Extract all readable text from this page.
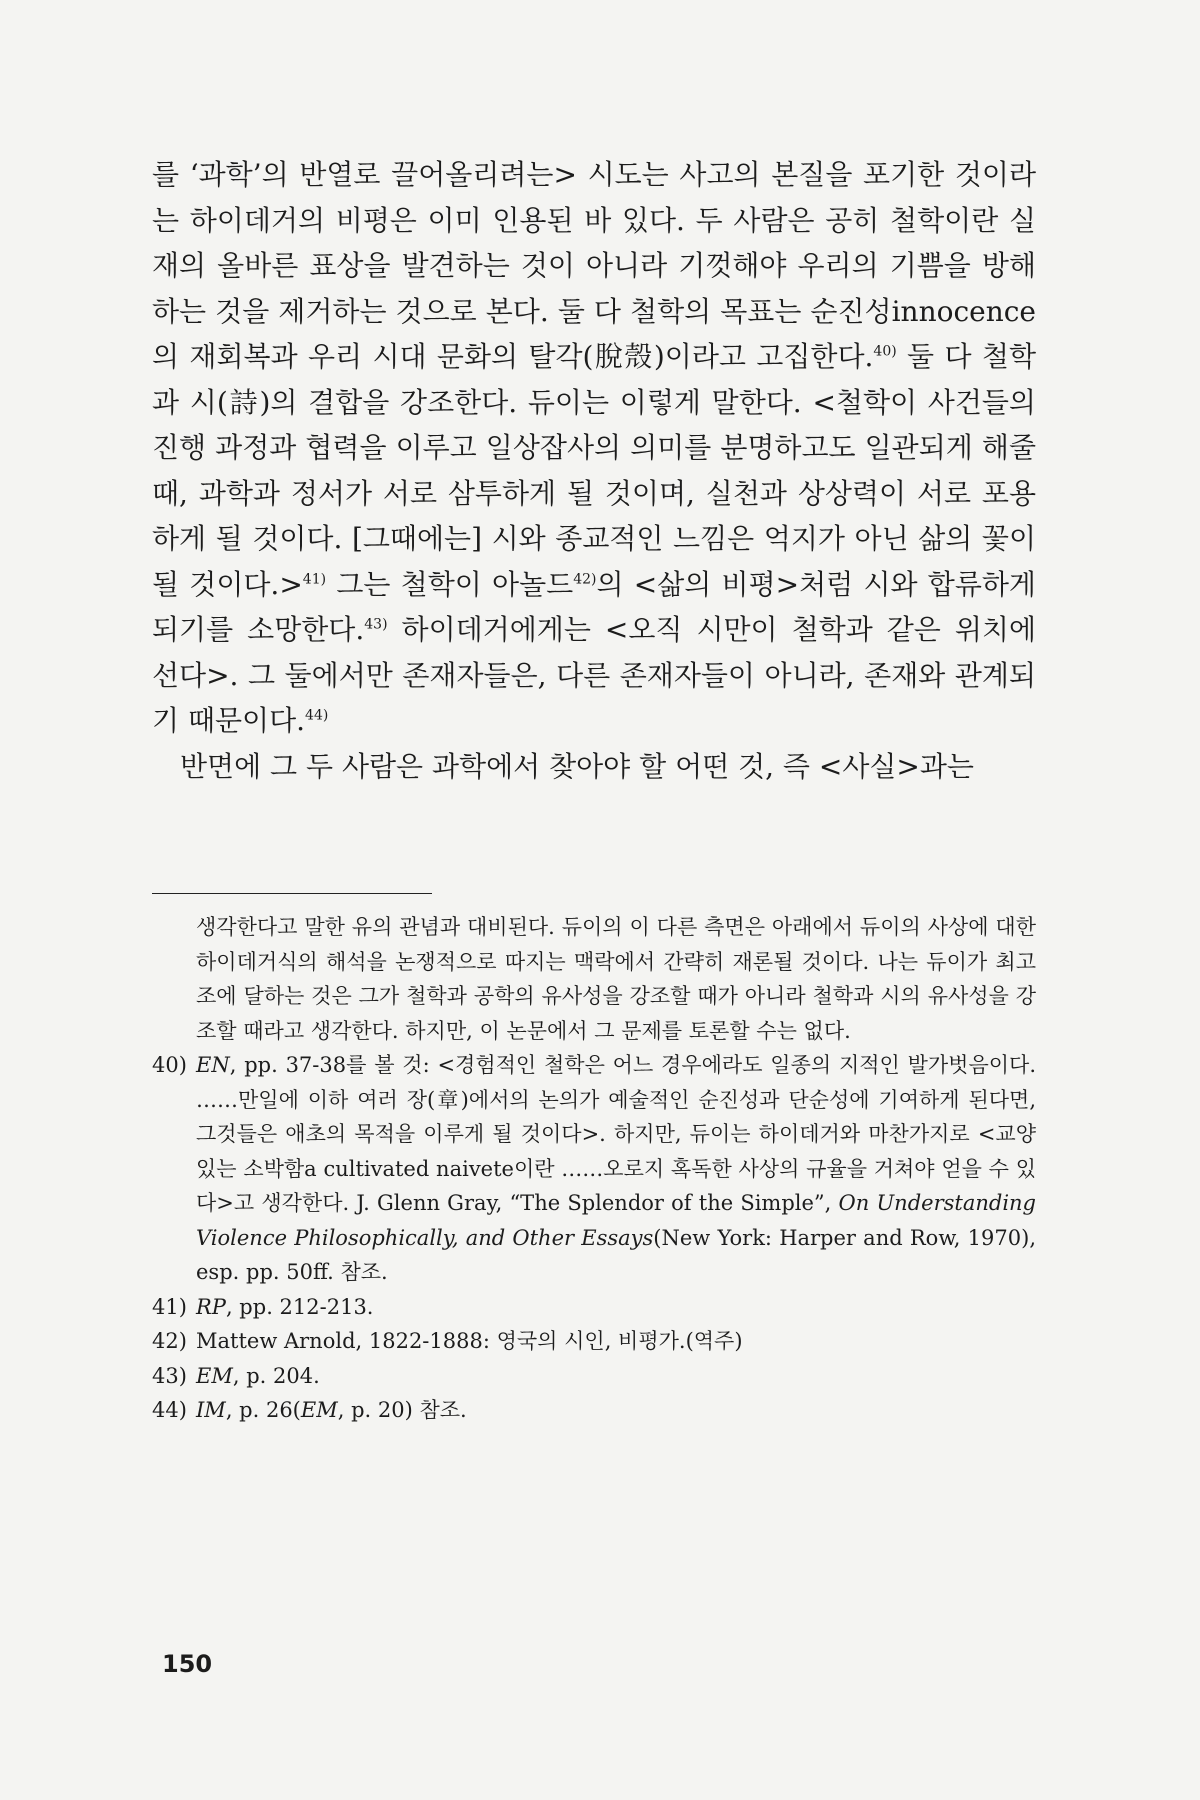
를 ‘과학’의 반열로 끌어올리려는> 시도는 사고의 본질을 포기한 것이라는 하이데거의 비평은 이미 인용된 바 있다. 두 사람은 공히 철학이란 실재의 올바른 표상을 발견하는 것이 아니라 기껏해야 우리의 기쁨을 방해하는 것을 제거하는 것으로 본다. 둘 다 철학의 목표는 순진성innocence의 재회복과 우리 시대 문화의 탈각(脫殼)이라고 고집한다.$^{40)}$ 둘 다 철학과 시(詩)의 결합을 강조한다. 듀이는 이렇게 말한다. <철학이 사건들의 진행 과정과 협력을 이루고 일상잡사의 의미를 분명하고도 일관되게 해줄 때, 과학과 정서가 서로 삼투하게 될 것이며, 실천과 상상력이 서로 포용하게 될 것이다. [그때에는] 시와 종교적인 느낌은 억지가 아닌 삶의 꽃이 될 것이다.>$^{41)}$ 그는 철학이 아놀드$^{42)}$의 <삶의 비평>처럼 시와 합류하게 되기를 소망한다.$^{43)}$ 하이데거에게는 <오직 시만이 철학과 같은 위치에 선다>. 그 둘에서만 존재자들은, 다른 존재자들이 아니라, 존재와 관계되기 때문이다.$^{44)}$

반면에 그 두 사람은 과학에서 찾아야 할 어떤 것, 즉 <사실>과는

생각한다고 말한 유의 관념과 대비된다. 듀이의 이 다른 측면은 아래에서 듀이의 사상에 대한 하이데거식의 해석을 논쟁적으로 따지는 맥락에서 간략히 재론될 것이다. 나는 듀이가 최고조에 달하는 것은 그가 철학과 공학의 유사성을 강조할 때가 아니라 철학과 시의 유사성을 강조할 때라고 생각한다. 하지만, 이 논문에서 그 문제를 토론할 수는 없다.
40) EN, pp. 37-38를 볼 것: <경험적인 철학은 어느 경우에라도 일종의 지적인 발가벗음이다. ……만일에 이하 여러 장(章)에서의 논의가 예술적인 순진성과 단순성에 기여하게 된다면, 그것들은 애초의 목적을 이루게 될 것이다>. 하지만, 듀이는 하이데거와 마찬가지로 <교양 있는 소박함a cultivated naivete이란 ……오로지 혹독한 사상의 규율을 거쳐야 얻을 수 있다>고 생각한다. J. Glenn Gray, “The Splendor of the Simple”, On Understanding Violence Philosophically, and Other Essays(New York: Harper and Row, 1970), esp. pp. 50ff. 참조.
41) RP, pp. 212-213.
42) Mattew Arnold, 1822-1888: 영국의 시인, 비평가.(역주)
43) EM, p. 204.
44) IM, p. 26(EM, p. 20) 참조.
150
